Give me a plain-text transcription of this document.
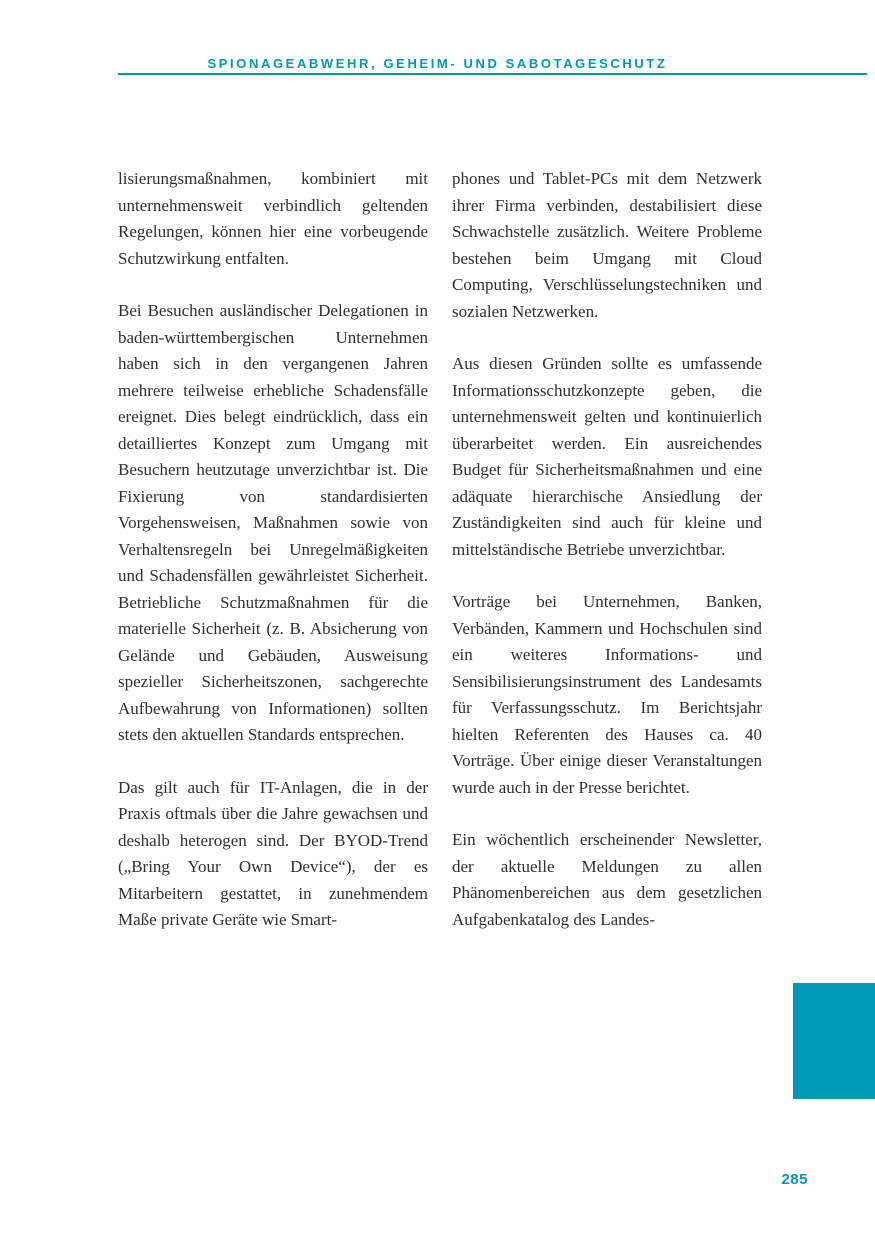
SPIONAGEABWEHR, GEHEIM- UND SABOTAGESCHUTZ

lisierungsmaßnahmen, kombiniert mit unternehmensweit verbindlich geltenden Regelungen, können hier eine vorbeugende Schutzwirkung entfalten.

Bei Besuchen ausländischer Delegationen in baden-württembergischen Unternehmen haben sich in den vergangenen Jahren mehrere teilweise erhebliche Schadensfälle ereignet. Dies belegt eindrücklich, dass ein detailliertes Konzept zum Umgang mit Besuchern heutzutage unverzichtbar ist. Die Fixierung von standardisierten Vorgehensweisen, Maßnahmen sowie von Verhaltensregeln bei Unregelmäßigkeiten und Schadensfällen gewährleistet Sicherheit. Betriebliche Schutzmaßnahmen für die materielle Sicherheit (z. B. Absicherung von Gelände und Gebäuden, Ausweisung spezieller Sicherheitszonen, sachgerechte Aufbewahrung von Informationen) sollten stets den aktuellen Standards entsprechen.

Das gilt auch für IT-Anlagen, die in der Praxis oftmals über die Jahre gewachsen und deshalb heterogen sind. Der BYOD-Trend („Bring Your Own Device“), der es Mitarbeitern gestattet, in zunehmendem Maße private Geräte wie Smart-

phones und Tablet-PCs mit dem Netzwerk ihrer Firma verbinden, destabilisiert diese Schwachstelle zusätzlich. Weitere Probleme bestehen beim Umgang mit Cloud Computing, Verschlüsselungstechniken und sozialen Netzwerken.

Aus diesen Gründen sollte es umfassende Informationsschutzkonzepte geben, die unternehmensweit gelten und kontinuierlich überarbeitet werden. Ein ausreichendes Budget für Sicherheitsmaßnahmen und eine adäquate hierarchische Ansiedlung der Zuständigkeiten sind auch für kleine und mittelständische Betriebe unverzichtbar.

Vorträge bei Unternehmen, Banken, Verbänden, Kammern und Hochschulen sind ein weiteres Informations- und Sensibilisierungsinstrument des Landesamts für Verfassungsschutz. Im Berichtsjahr hielten Referenten des Hauses ca. 40 Vorträge. Über einige dieser Veranstaltungen wurde auch in der Presse berichtet.

Ein wöchentlich erscheinender Newsletter, der aktuelle Meldungen zu allen Phänomenbereichen aus dem gesetzlichen Aufgabenkatalog des Landes-

285
